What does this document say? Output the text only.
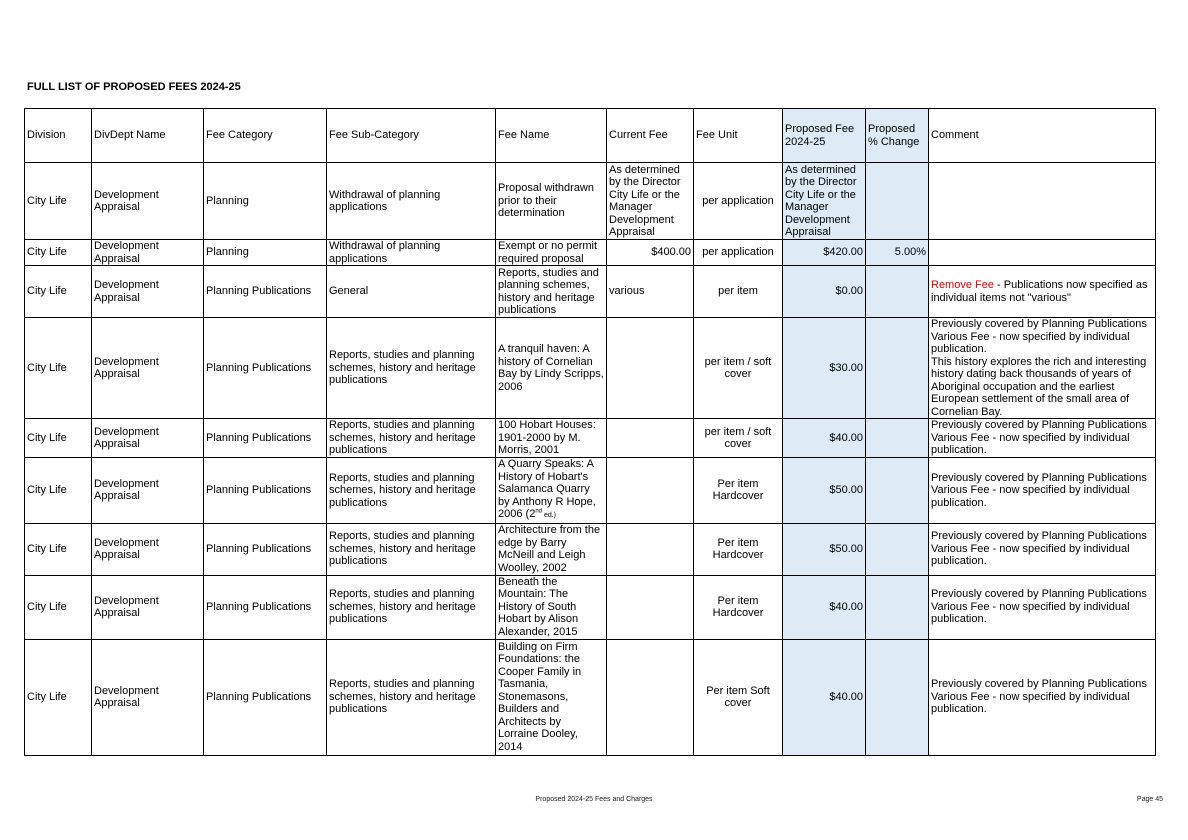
FULL LIST OF PROPOSED FEES 2024-25
Division	DivDept Name	Fee Category	Fee Sub-Category	Fee Name	Current Fee	Fee Unit	Proposed Fee 2024-25	Proposed % Change	Comment
City Life	Development Appraisal	Planning	Withdrawal of planning applications	Proposal withdrawn prior to their determination	As determined by the Director City Life or the Manager Development Appraisal	per application	As determined by the Director City Life or the Manager Development Appraisal		
City Life	Development Appraisal	Planning	Withdrawal of planning applications	Exempt or no permit required proposal	$400.00	per application	$420.00	5.00%	
City Life	Development Appraisal	Planning Publications	General	Reports, studies and planning schemes, history and heritage publications	various	per item	$0.00		Remove Fee - Publications now specified as individual items not "various"
City Life	Development Appraisal	Planning Publications	Reports, studies and planning schemes, history and heritage publications	A tranquil haven: A history of Cornelian Bay by Lindy Scripps, 2006		per item / soft cover	$30.00		Previously covered by Planning Publications Various Fee - now specified by individual publication.
This history explores the rich and interesting history dating back thousands of years of Aboriginal occupation and the earliest European settlement of the small area of Cornelian Bay.

City Life	Development Appraisal	Planning Publications	Reports, studies and planning schemes, history and heritage publications	100 Hobart Houses: 1901-2000 by M. Morris, 2001		per item / soft cover	$40.00		Previously covered by Planning Publications Various Fee - now specified by individual publication.
City Life	Development Appraisal	Planning Publications	Reports, studies and planning schemes, history and heritage publications	A Quarry Speaks: A History of Hobart's Salamanca Quarry by Anthony R Hope, 2006 (2nd ed.)		Per item Hardcover	$50.00		Previously covered by Planning Publications Various Fee - now specified by individual publication.
City Life	Development Appraisal	Planning Publications	Reports, studies and planning schemes, history and heritage publications	Architecture from the edge by Barry McNeill and Leigh Woolley, 2002		Per item Hardcover	$50.00		Previously covered by Planning Publications Various Fee - now specified by individual publication.
City Life	Development Appraisal	Planning Publications	Reports, studies and planning schemes, history and heritage publications	Beneath the Mountain: The History of South Hobart by Alison Alexander, 2015		Per item Hardcover	$40.00		Previously covered by Planning Publications Various Fee - now specified by individual publication.
City Life	Development Appraisal	Planning Publications	Reports, studies and planning schemes, history and heritage publications	Building on Firm Foundations: the Cooper Family in Tasmania, Stonemasons, Builders and Architects by Lorraine Dooley, 2014		Per item Soft cover	$40.00		Previously covered by Planning Publications Various Fee - now specified by individual publication.
Proposed 2024-25 Fees and Charges	Page 45
